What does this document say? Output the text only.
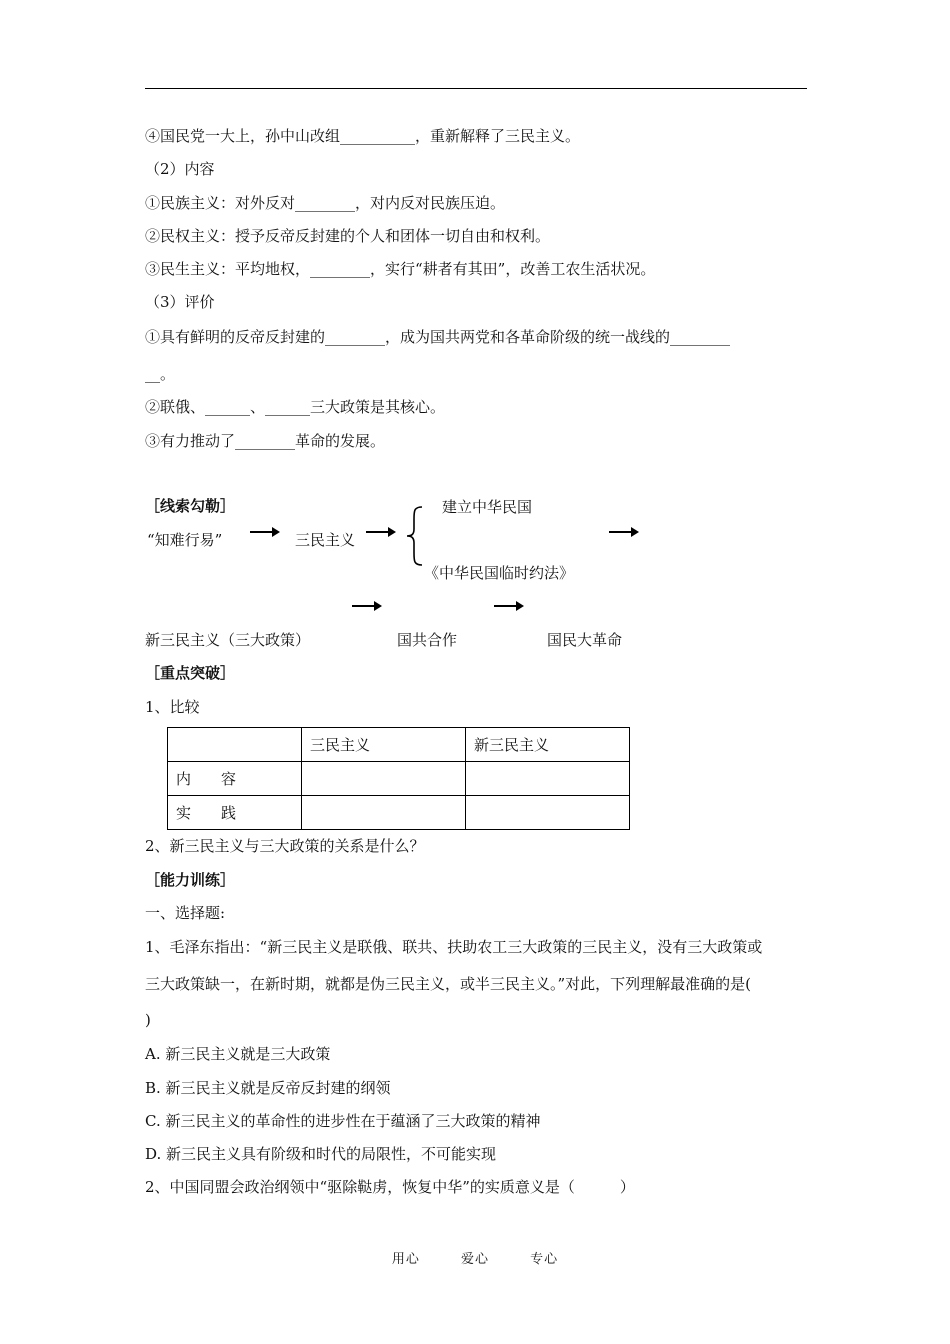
④国民党一大上，孙中山改组__________，重新解释了三民主义。
（2）内容
①民族主义：对外反对________，对内反对民族压迫。
②民权主义：授予反帝反封建的个人和团体一切自由和权利。
③民生主义：平均地权，________，实行“耕者有其田”，改善工农生活状况。
（3）评价
①具有鲜明的反帝反封建的________，成为国共两党和各革命阶级的统一战线的________
__。
②联俄、______、______三大政策是其核心。
③有力推动了________革命的发展。
［线索勾勒］
“知难行易”	三民主义
建立中华民国
《中华民国临时约法》
新三民主义（三大政策）	国共合作	国民大革命
［重点突破］
1、比较
	三民主义	新三民主义
内　　容		
实　　践		
2、新三民主义与三大政策的关系是什么？
［能力训练］
一、选择题:
1、毛泽东指出：“新三民主义是联俄、联共、扶助农工三大政策的三民主义，没有三大政策或
三大政策缺一，在新时期，就都是伪三民主义，或半三民主义。”对此，下列理解最准确的是(
)
A. 新三民主义就是三大政策
B. 新三民主义就是反帝反封建的纲领
C. 新三民主义的革命性的进步性在于蕴涵了三大政策的精神
D. 新三民主义具有阶级和时代的局限性，不可能实现
2、中国同盟会政治纲领中“驱除鞑虏，恢复中华”的实质意义是（　　　）
用心	爱心	专心
